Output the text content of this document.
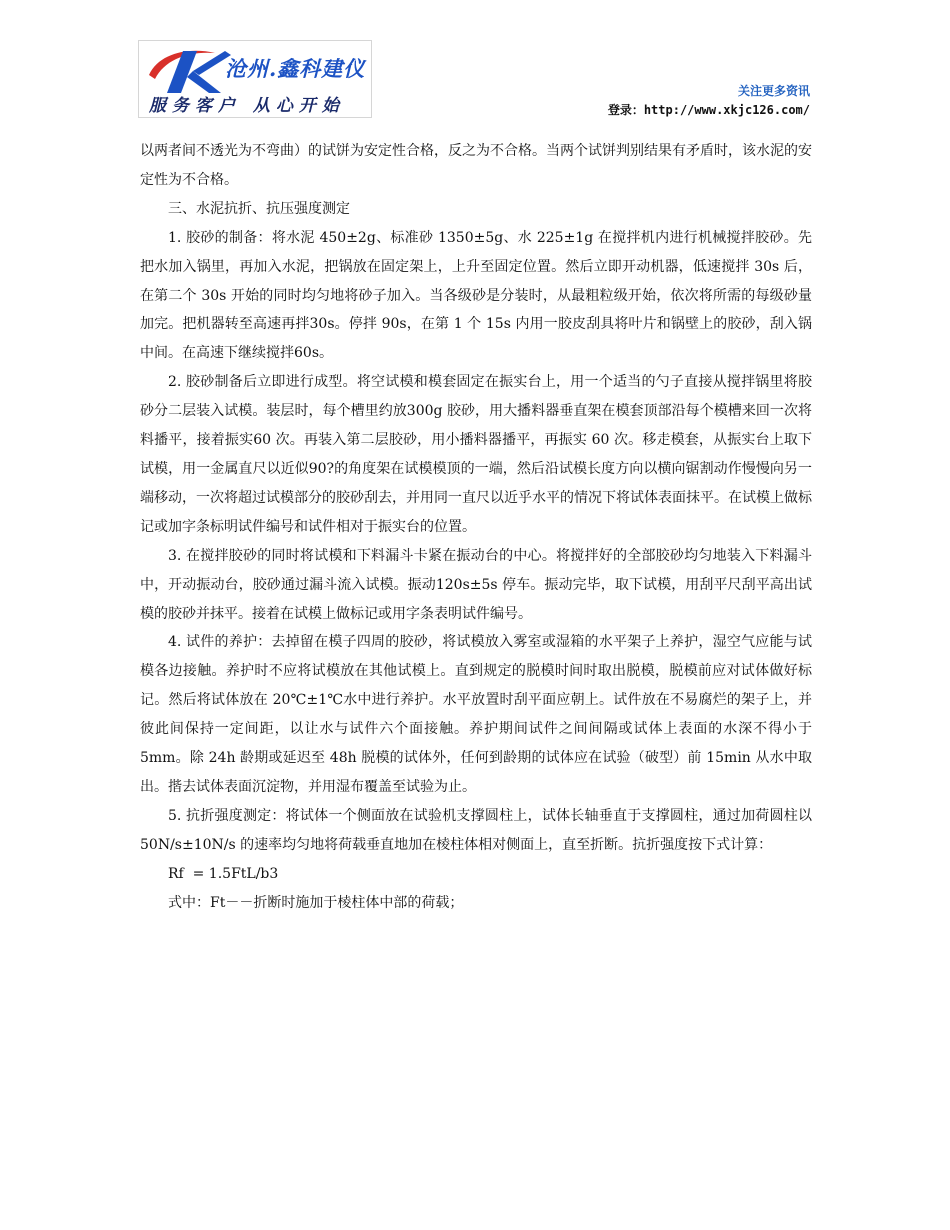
沧州.鑫科建仪
服务客户 从心开始
关注更多资讯
登录：http://www.xkjc126.com/

以两者间不透光为不弯曲）的试饼为安定性合格，反之为不合格。当两个试饼判别结果有矛盾时，该水泥的安定性为不合格。

三、水泥抗折、抗压强度测定

1. 胶砂的制备：将水泥 450±2g、标准砂 1350±5g、水 225±1g 在搅拌机内进行机械搅拌胶砂。先把水加入锅里，再加入水泥，把锅放在固定架上，上升至固定位置。然后立即开动机器，低速搅拌 30s 后，在第二个 30s 开始的同时均匀地将砂子加入。当各级砂是分装时，从最粗粒级开始，依次将所需的每级砂量加完。把机器转至高速再拌30s。停拌 90s，在第 1 个 15s 内用一胶皮刮具将叶片和锅壁上的胶砂，刮入锅中间。在高速下继续搅拌60s。

2. 胶砂制备后立即进行成型。将空试模和模套固定在振实台上，用一个适当的勺子直接从搅拌锅里将胶砂分二层装入试模。装层时，每个槽里约放300g 胶砂，用大播料器垂直架在模套顶部沿每个模槽来回一次将料播平，接着振实60 次。再装入第二层胶砂，用小播料器播平，再振实 60 次。移走模套，从振实台上取下试模，用一金属直尺以近似90?的角度架在试模模顶的一端，然后沿试模长度方向以横向锯割动作慢慢向另一端移动，一次将超过试模部分的胶砂刮去，并用同一直尺以近乎水平的情况下将试体表面抹平。在试模上做标记或加字条标明试件编号和试件相对于振实台的位置。

3. 在搅拌胶砂的同时将试模和下料漏斗卡紧在振动台的中心。将搅拌好的全部胶砂均匀地装入下料漏斗中，开动振动台，胶砂通过漏斗流入试模。振动120s±5s 停车。振动完毕，取下试模，用刮平尺刮平高出试模的胶砂并抹平。接着在试模上做标记或用字条表明试件编号。

4. 试件的养护：去掉留在模子四周的胶砂，将试模放入雾室或湿箱的水平架子上养护，湿空气应能与试模各边接触。养护时不应将试模放在其他试模上。直到规定的脱模时间时取出脱模，脱模前应对试体做好标记。然后将试体放在 20℃±1℃水中进行养护。水平放置时刮平面应朝上。试件放在不易腐烂的架子上，并彼此间保持一定间距，以让水与试件六个面接触。养护期间试件之间间隔或试体上表面的水深不得小于 5mm。除 24h 龄期或延迟至 48h 脱模的试体外，任何到龄期的试体应在试验（破型）前 15min 从水中取出。揩去试体表面沉淀物，并用湿布覆盖至试验为止。

5. 抗折强度测定：将试体一个侧面放在试验机支撑圆柱上，试体长轴垂直于支撑圆柱，通过加荷圆柱以 50N/s±10N/s 的速率均匀地将荷载垂直地加在棱柱体相对侧面上，直至折断。抗折强度按下式计算：

Rf  = 1.5FtL/b3

式中：Ft－－折断时施加于棱柱体中部的荷载；
